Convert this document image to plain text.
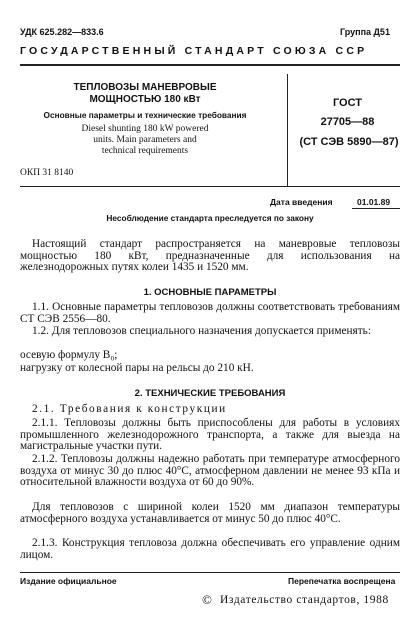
УДК 625.282—833.6	Группа Д51
ГОСУДАРСТВЕННЫЙ СТАНДАРТ СОЮЗА ССР
ТЕПЛОВОЗЫ МАНЕВРОВЫЕ
МОЩНОСТЬЮ 180 кВт
Основные параметры и технические требования
Diesel shunting 180 kW powered
units. Main parameters and
technical requirements
ГОСТ
27705—88
(СТ СЭВ 5890—87)
ОКП 31 8140
Дата введения	01.01.89
Несоблюдение стандарта преследуется по закону
Настоящий стандарт распространяется на маневровые тепловозы мощностью 180 кВт, предназначенные для использования на железнодорожных путях колеи 1435 и 1520 мм.
1. ОСНОВНЫЕ ПАРАМЕТРЫ
1.1. Основные параметры тепловозов должны соответствовать требованиям СТ СЭВ 2556—80.
1.2. Для тепловозов специального назначения допускается применять:
осевую формулу B₀;
нагрузку от колесной пары на рельсы до 210 кН.
2. ТЕХНИЧЕСКИЕ ТРЕБОВАНИЯ
2.1. Требования к конструкции
2.1.1. Тепловозы должны быть приспособлены для работы в условиях промышленного железнодорожного транспорта, а также для выезда на магистральные участки пути.
2.1.2. Тепловозы должны надежно работать при температуре атмосферного воздуха от минус 30 до плюс 40°С, атмосферном давлении не менее 93 кПа и относительной влажности воздуха от 60 до 90%.
Для тепловозов с шириной колеи 1520 мм диапазон температуры атмосферного воздуха устанавливается от минус 50 до плюс 40°С.
2.1.3. Конструкция тепловоза должна обеспечивать его управление одним лицом.
Издание официальное	Перепечатка воспрещена
© Издательство стандартов, 1988
